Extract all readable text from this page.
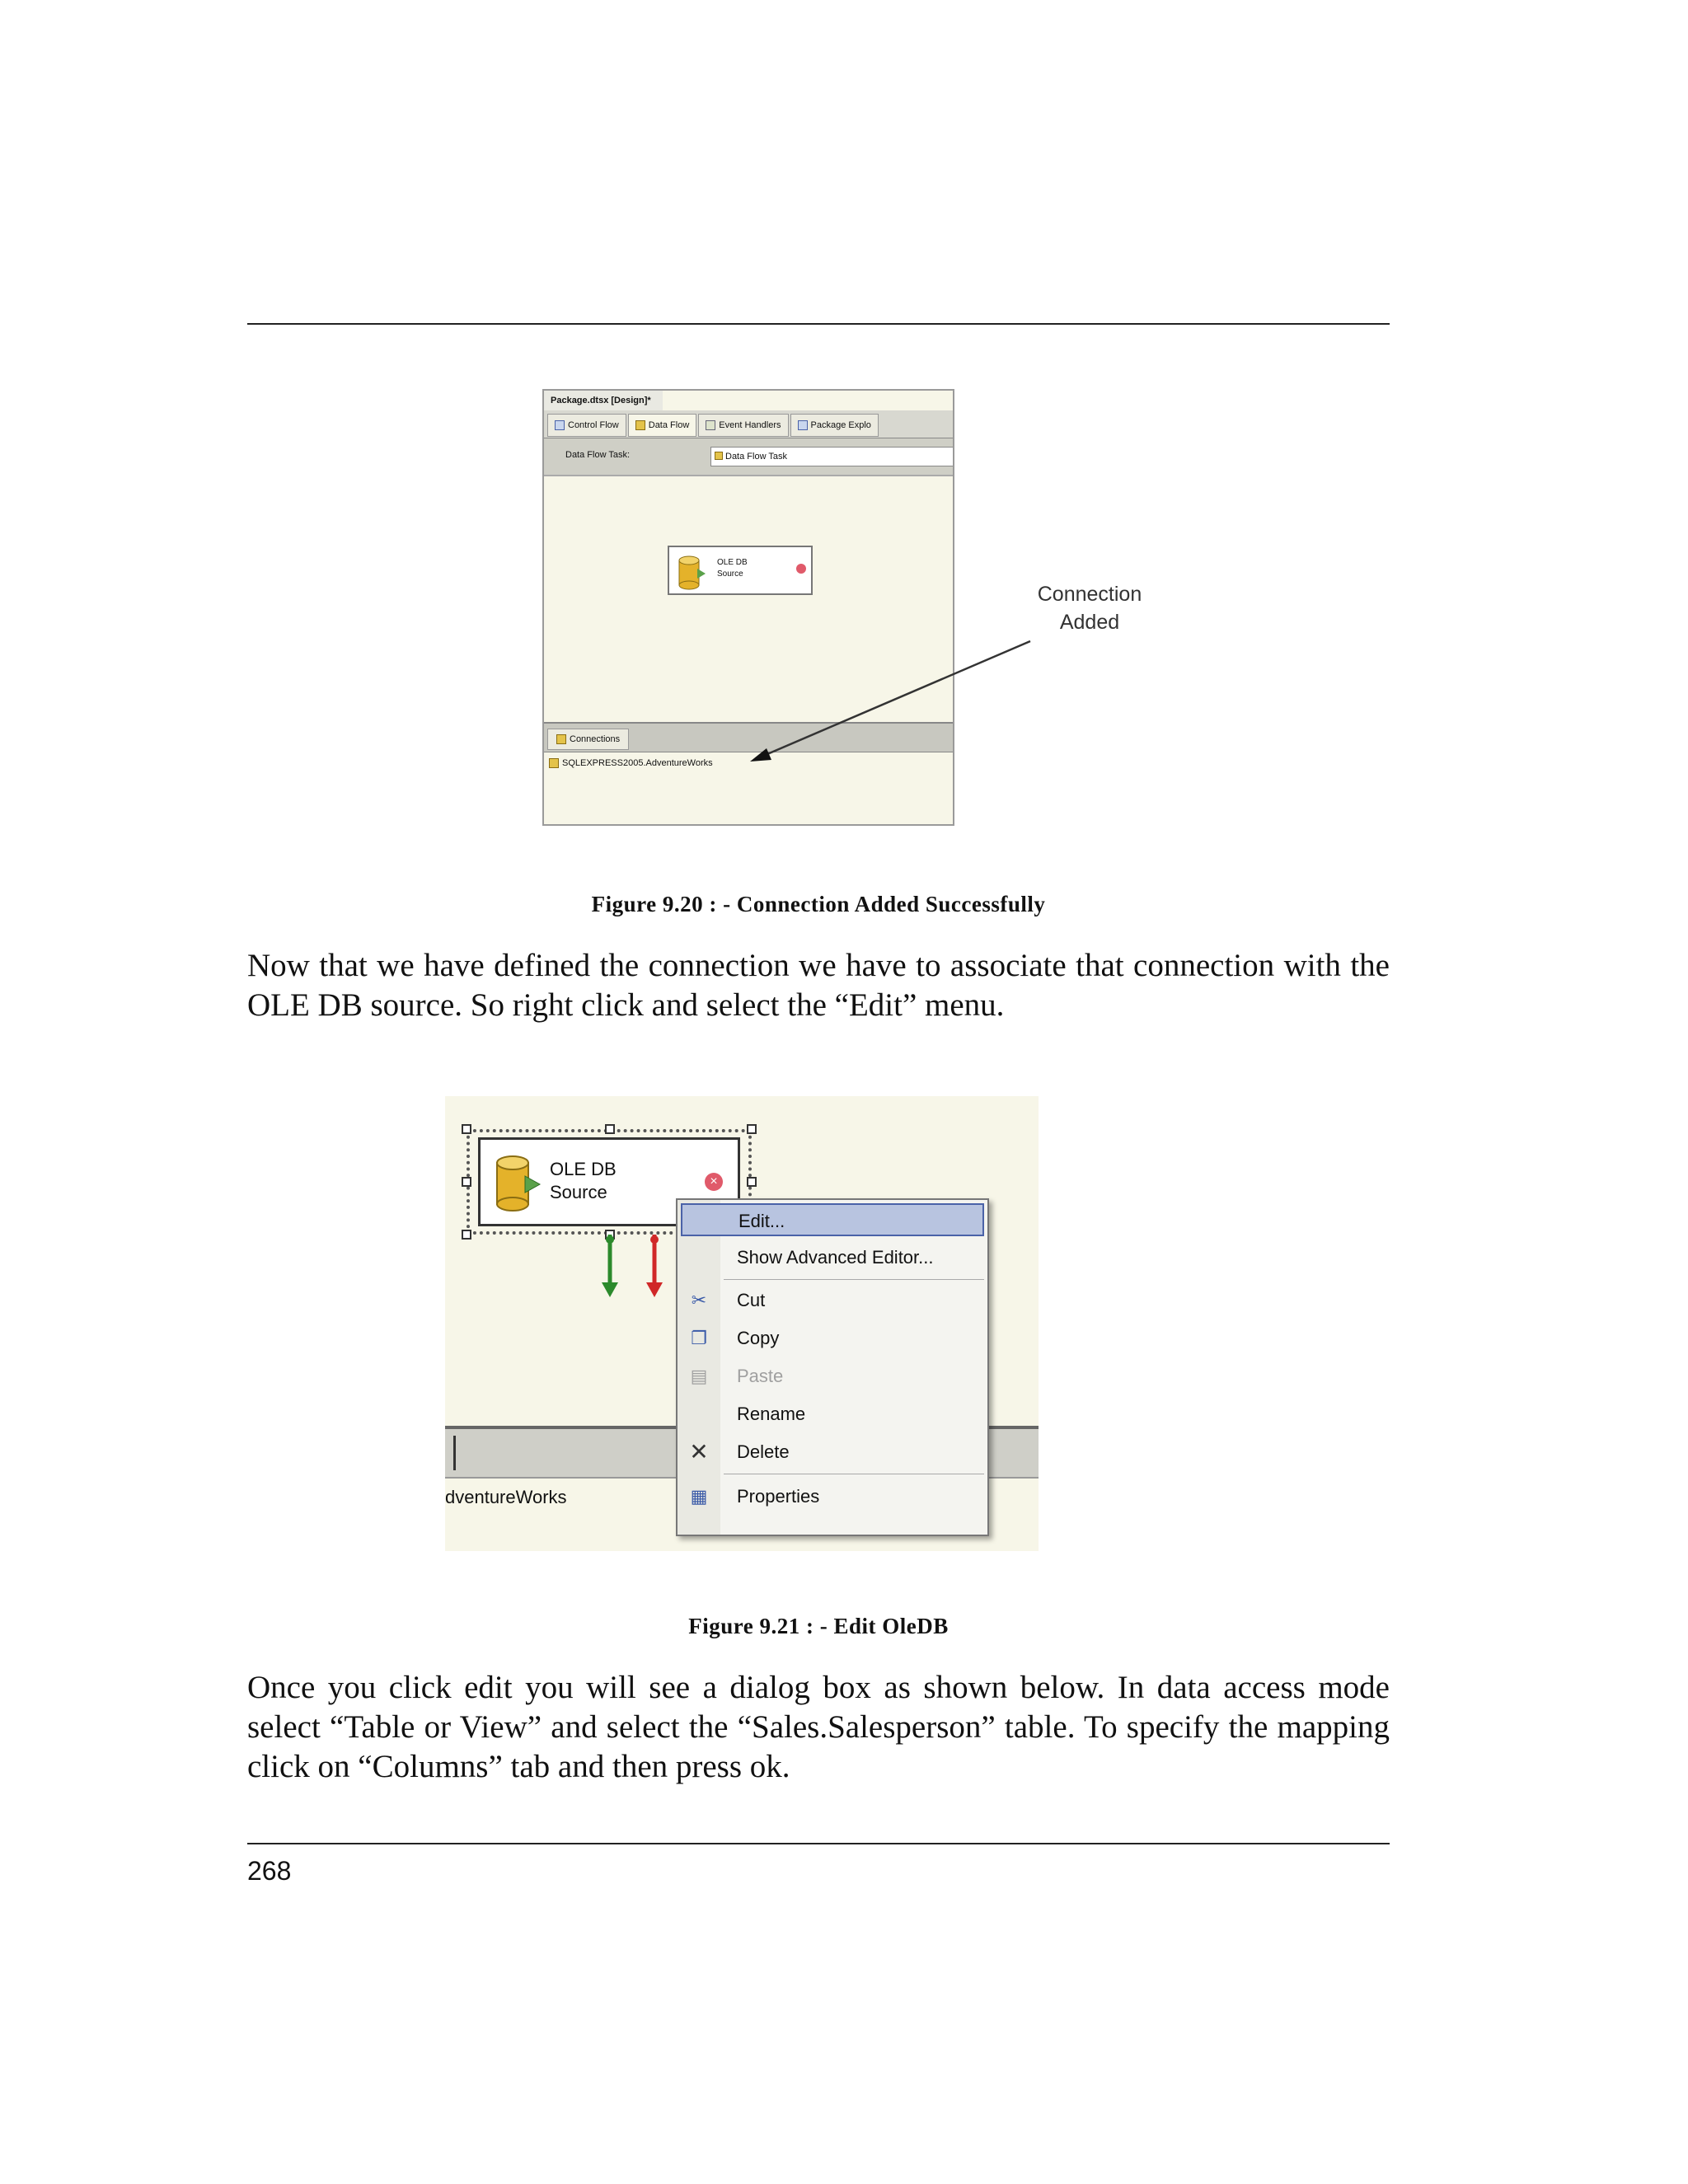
Package.dtsx [Design]*
Control Flow	Data Flow	Event Handlers	Package Explo
Data Flow Task:	Data Flow Task
OLE DB
Source
Connections
SQLEXPRESS2005.AdventureWorks
Connection
Added

Figure 9.20 : - Connection Added Successfully

Now that we have defined the connection we have to associate that connection with the OLE DB source. So right click and select the “Edit” menu.

OLE DB
Source
×
dventureWorks
Edit...
Show Advanced Editor...
✂ Cut
❐ Copy
▤ Paste
Rename
✕ Delete
▦ Properties

Figure 9.21 : - Edit OleDB

Once you click edit you will see a dialog box as shown below. In data access mode select “Table or View” and select the “Sales.Salesperson” table. To specify the mapping click on “Columns” tab and then press ok.

268
